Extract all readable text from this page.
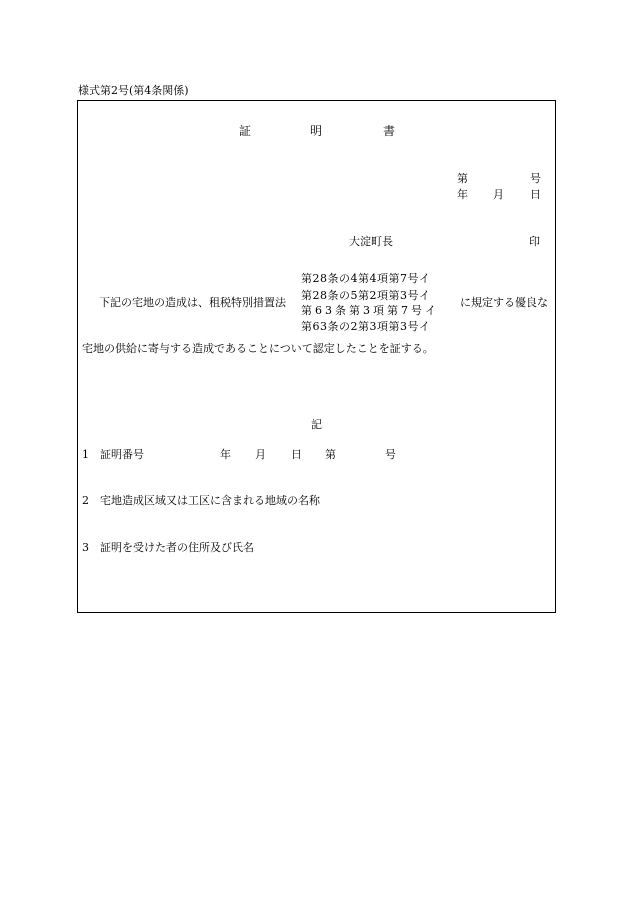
様式第2号(第4条関係)
証	明	書
第	号
年 月 日
大淀町長	印
下記の宅地の造成は、租税特別措置法
第28条の4第4項第7号イ
第28条の5第2項第3号イ
第63条第3項第7号イ
第63条の2第3項第3号イ
に規定する優良な
宅地の供給に寄与する造成であることについて認定したことを証する。
記
1 証明番号	年 月 日 第	号
2 宅地造成区域又は工区に含まれる地域の名称
3 証明を受けた者の住所及び氏名
